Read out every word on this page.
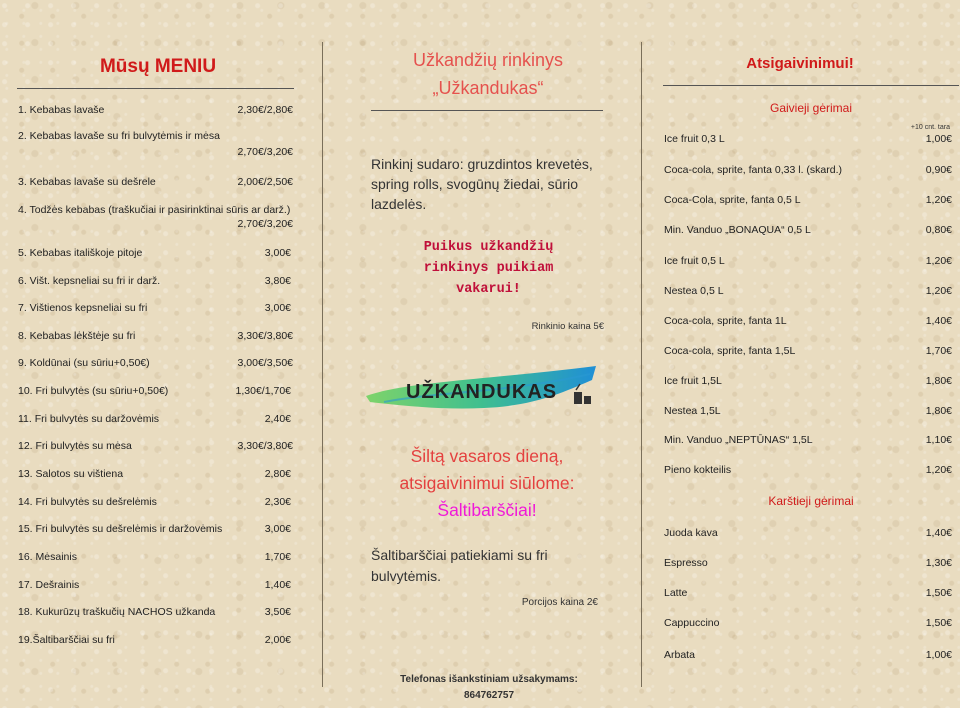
Mūsų MENIU
1. Kebabas lavaše	2,30€/2,80€
2. Kebabas lavaše su fri bulvytėmis ir mėsa
2,70€/3,20€
3. Kebabas lavaše su dešrele	2,00€/2,50€
4. Todžės kebabas (traškučiai ir pasirinktinai sūris ar darž.)
2,70€/3,20€
5. Kebabas itališkoje pitoje	3,00€
6. Višt. kepsneliai su fri ir darž.	3,80€
7. Vištienos kepsneliai su fri	3,00€
8. Kebabas lėkštėje su fri	3,30€/3,80€
9. Koldūnai (su sūriu+0,50€)	3,00€/3,50€
10. Fri bulvytės (su sūriu+0,50€)	1,30€/1,70€
11. Fri bulvytės su daržovėmis	2,40€
12. Fri bulvytės su mėsa	3,30€/3,80€
13. Salotos su vištiena	2,80€
14. Fri bulvytės su dešrelėmis	2,30€
15. Fri bulvytės su dešrelėmis ir daržovėmis	3,00€
16. Mėsainis	1,70€
17. Dešrainis	1,40€
18. Kukurūzų traškučių NACHOS užkanda	3,50€
19.Šaltibarščiai su fri	2,00€
Užkandžių rinkinys
„Užkandukas“
Rinkinį sudaro: gruzdintos krevetės, spring rolls, svogūnų žiedai, sūrio lazdelės.
Puikus užkandžių
rinkinys puikiam
vakarui!
Rinkinio kaina 5€
UŽKANDUKAS
Šiltą vasaros dieną,
atsigaivinimui siūlome:
Šaltibarščiai!
Šaltibarščiai patiekiami su fri bulvytėmis.
Porcijos kaina 2€
Telefonas išankstiniam užsakymams:
864762757
Atsigaivinimui!
Gaivieji gėrimai
+10 cnt. tara
Ice fruit 0,3 L	1,00€
Coca-cola, sprite, fanta 0,33 l. (skard.)	0,90€
Coca-Cola, sprite, fanta 0,5 L	1,20€
Min. Vanduo „BONAQUA“ 0,5 L	0,80€
Ice fruit 0,5 L	1,20€
Nestea 0,5 L	1,20€
Coca-cola, sprite, fanta 1L	1,40€
Coca-cola, sprite, fanta 1,5L	1,70€
Ice fruit 1,5L	1,80€
Nestea 1,5L	1,80€
Min. Vanduo „NEPTŪNAS“ 1,5L	1,10€
Pieno kokteilis	1,20€
Karštieji gėrimai
Juoda kava	1,40€
Espresso	1,30€
Latte	1,50€
Cappuccino	1,50€
Arbata	1,00€
